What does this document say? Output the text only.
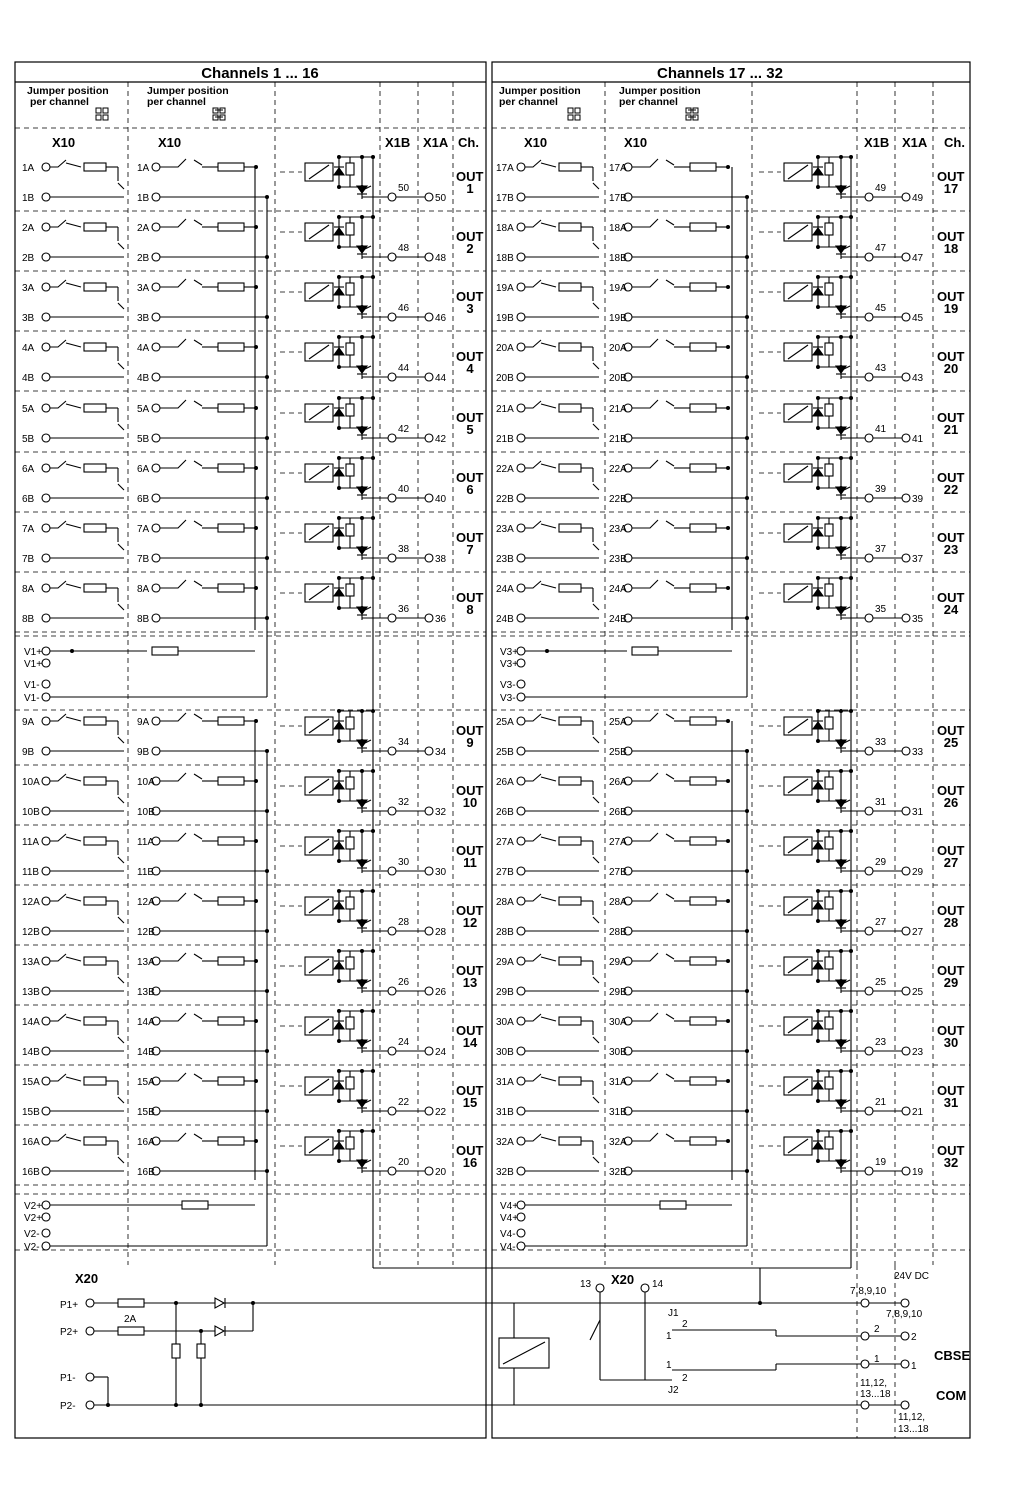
1A
1B
1A
1B
50
50
OUT
1
2A
2B
2A
2B
48
48
OUT
2
3A
3B
3A
3B
46
46
OUT
3
4A
4B
4A
4B
44
44
OUT
4
5A
5B
5A
5B
42
42
OUT
5
6A
6B
6A
6B
40
40
OUT
6
7A
7B
7A
7B
38
38
OUT
7
8A
8B
8A
8B
36
36
OUT
8
9A
9B
9A
9B
34
34
OUT
9
10A
10B
10A
10B
32
32
OUT
10
11A
11B
11A
11B
30
30
OUT
11
12A
12B
12A
12B
28
28
OUT
12
13A
13B
13A
13B
26
26
OUT
13
14A
14B
14A
14B
24
24
OUT
14
15A
15B
15A
15B
22
22
OUT
15
16A
16B
16A
16B
20
20
OUT
16
V1+
V1+
V1-
V1-
V2+
V2+
V2-
V2-
17A
17B
17A
17B
49
49
OUT
17
18A
18B
18A
18B
47
47
OUT
18
19A
19B
19A
19B
45
45
OUT
19
20A
20B
20A
20B
43
43
OUT
20
21A
21B
21A
21B
41
41
OUT
21
22A
22B
22A
22B
39
39
OUT
22
23A
23B
23A
23B
37
37
OUT
23
24A
24B
24A
24B
35
35
OUT
24
25A
25B
25A
25B
33
33
OUT
25
26A
26B
26A
26B
31
31
OUT
26
27A
27B
27A
27B
29
29
OUT
27
28A
28B
28A
28B
27
27
OUT
28
29A
29B
29A
29B
25
25
OUT
29
30A
30B
30A
30B
23
23
OUT
30
31A
31B
31A
31B
21
21
OUT
31
32A
32B
32A
32B
19
19
OUT
32
V3+
V3+
V3-
V3-
V4+
V4+
V4-
V4-
Channels 1 ... 16	Channels 17 ... 32
Jumper position
per channel
Jumper position
per channel
Jumper position
per channel
Jumper position
per channel
X10	X10	X1B X1A Ch.	X10	X10	X1B X1A Ch.
X20
P1+
P2+
P1-
P2-
2A
X20
13	14
J1
J2
2
1
1
2
24V DC
7,8,9,10
7,8,9,10
2
2
1
1
11,12,
13...18
11,12,
13...18
CBSE
COM
